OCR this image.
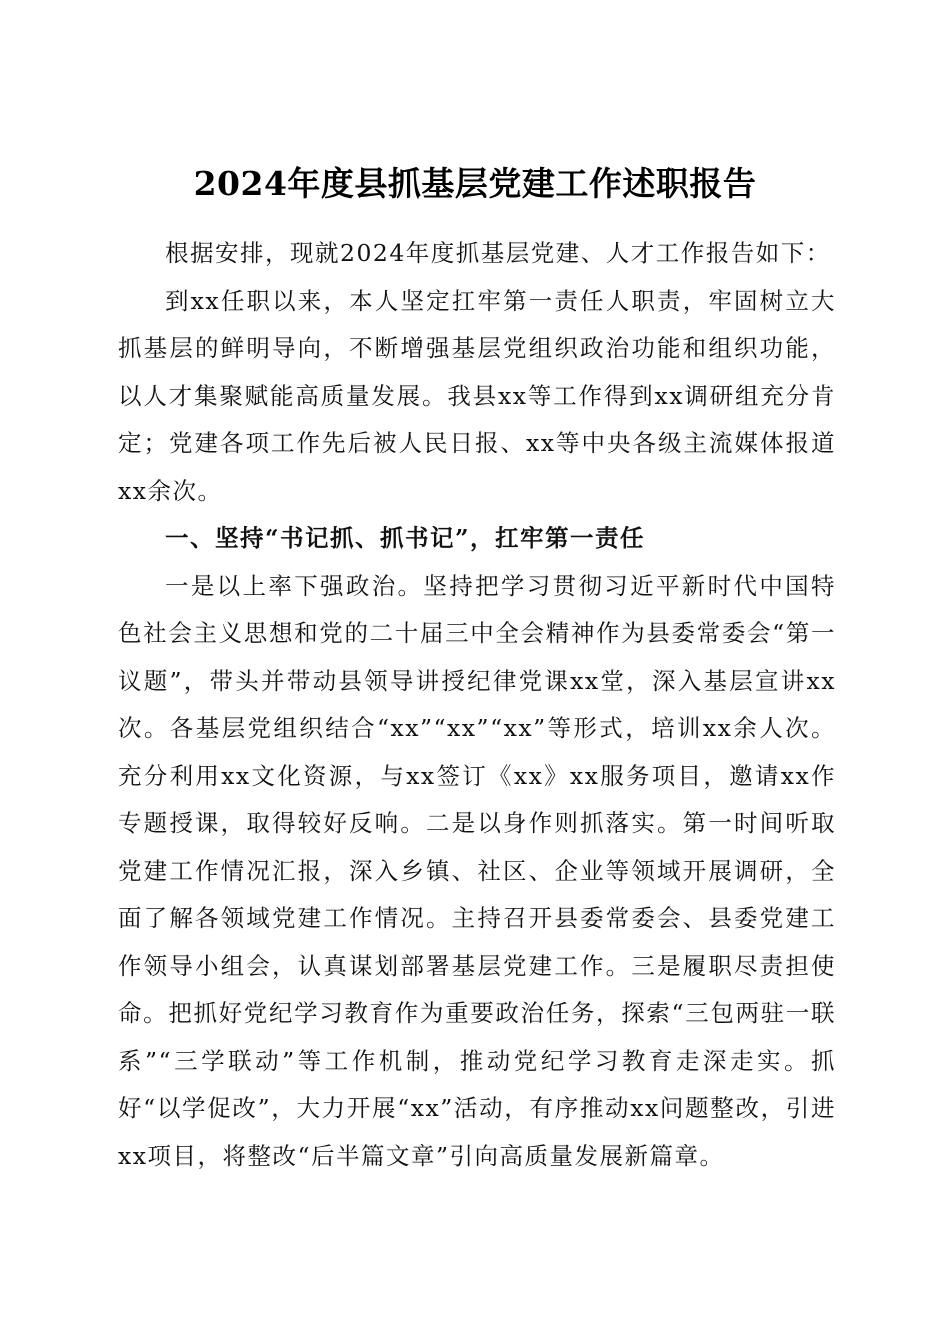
2024年度县抓基层党建工作述职报告

根据安排，现就2024年度抓基层党建、人才工作报告如下：

到xx任职以来，本人坚定扛牢第一责任人职责，牢固树立大抓基层的鲜明导向，不断增强基层党组织政治功能和组织功能，以人才集聚赋能高质量发展。我县xx等工作得到xx调研组充分肯定；党建各项工作先后被人民日报、xx等中央各级主流媒体报道xx余次。

一、坚持“书记抓、抓书记”，扛牢第一责任

一是以上率下强政治。坚持把学习贯彻习近平新时代中国特色社会主义思想和党的二十届三中全会精神作为县委常委会“第一议题”，带头并带动县领导讲授纪律党课xx堂，深入基层宣讲xx次。各基层党组织结合“xx”“xx”“xx”等形式，培训xx余人次。充分利用xx文化资源，与xx签订《xx》xx服务项目，邀请xx作专题授课，取得较好反响。二是以身作则抓落实。第一时间听取党建工作情况汇报，深入乡镇、社区、企业等领域开展调研，全面了解各领域党建工作情况。主持召开县委常委会、县委党建工作领导小组会，认真谋划部署基层党建工作。三是履职尽责担使命。把抓好党纪学习教育作为重要政治任务，探索“三包两驻一联系”“三学联动”等工作机制，推动党纪学习教育走深走实。抓好“以学促改”，大力开展“xx”活动，有序推动xx问题整改，引进xx项目，将整改“后半篇文章”引向高质量发展新篇章。
